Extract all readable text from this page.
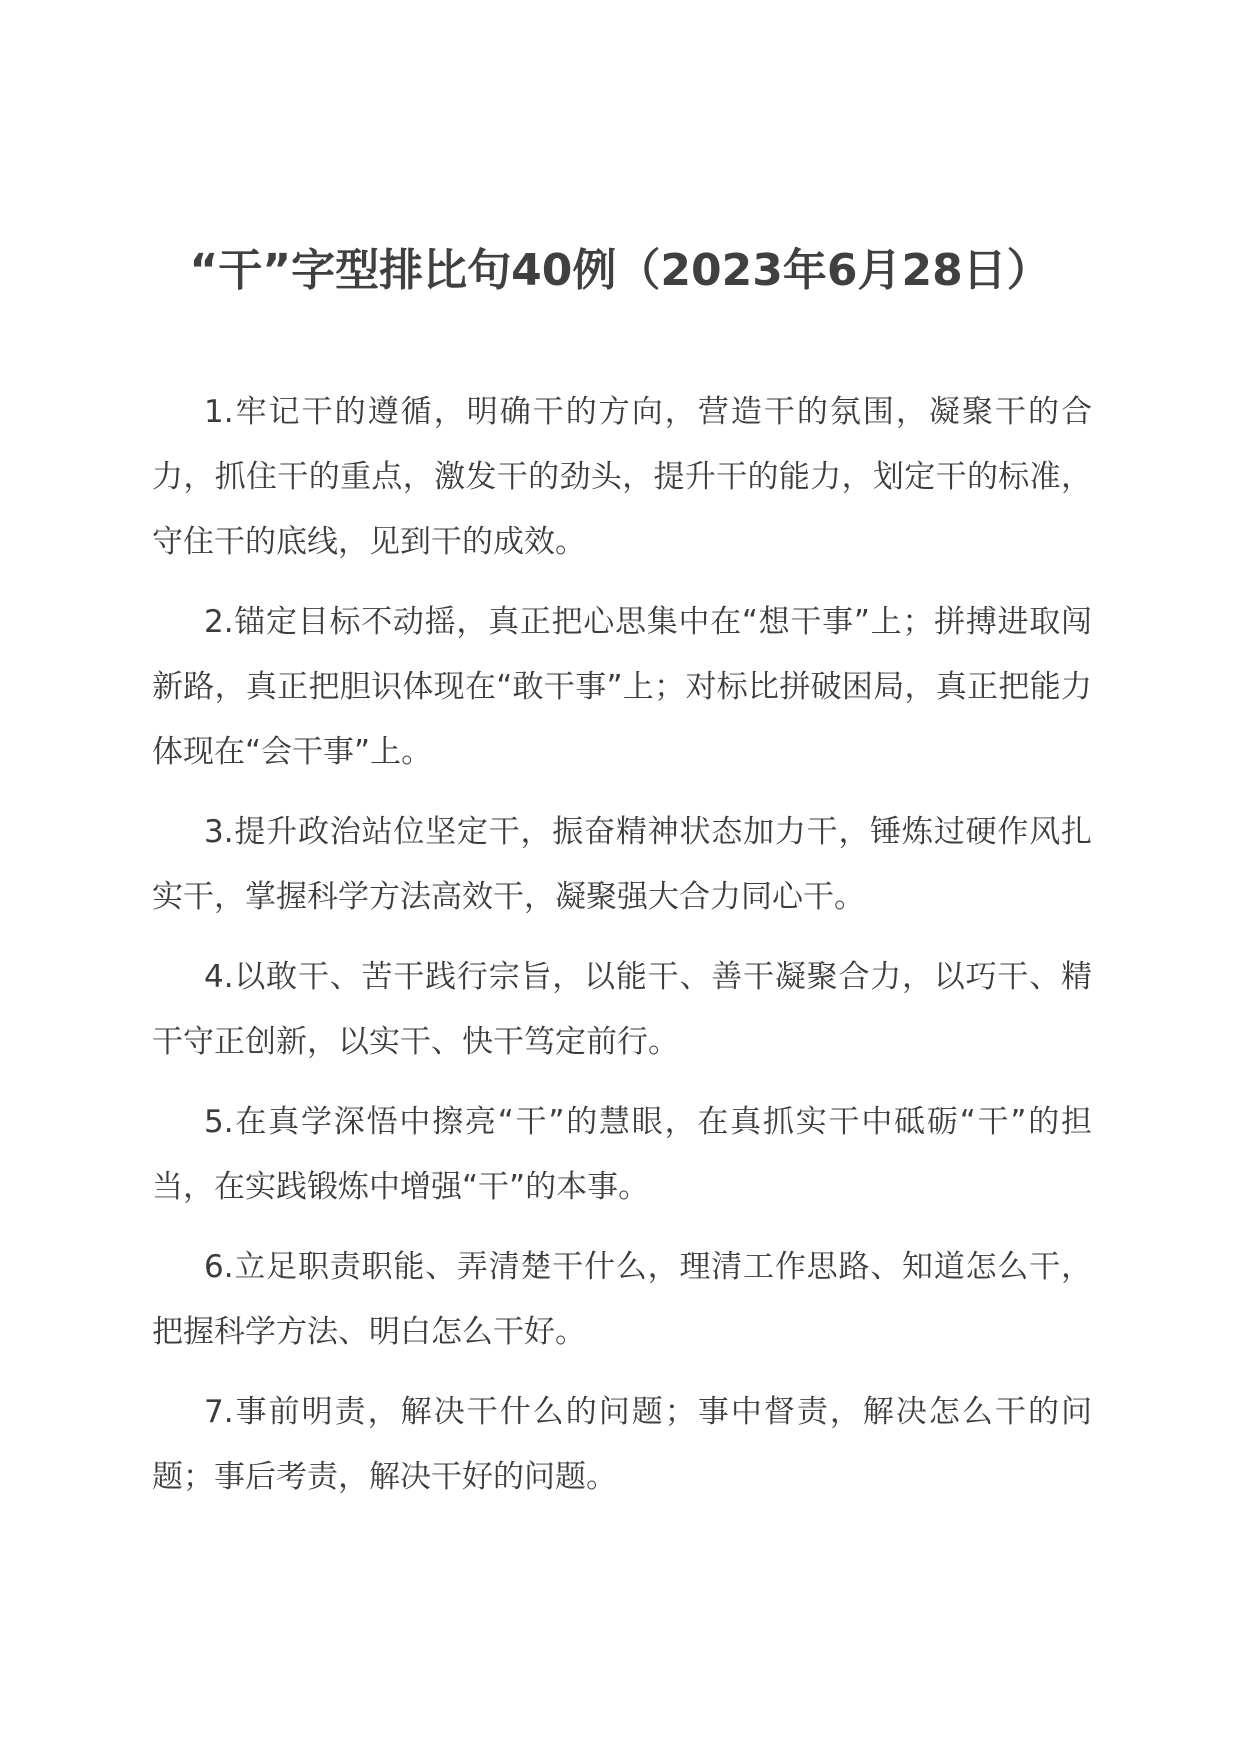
“干”字型排比句40例（2023年6月28日）

1.牢记干的遵循，明确干的方向，营造干的氛围，凝聚干的合力，抓住干的重点，激发干的劲头，提升干的能力，划定干的标准，守住干的底线，见到干的成效。

2.锚定目标不动摇，真正把心思集中在“想干事”上；拼搏进取闯新路，真正把胆识体现在“敢干事”上；对标比拼破困局，真正把能力体现在“会干事”上。

3.提升政治站位坚定干，振奋精神状态加力干，锤炼过硬作风扎实干，掌握科学方法高效干，凝聚强大合力同心干。

4.以敢干、苦干践行宗旨，以能干、善干凝聚合力，以巧干、精干守正创新，以实干、快干笃定前行。

5.在真学深悟中擦亮“干”的慧眼，在真抓实干中砥砺“干”的担当，在实践锻炼中增强“干”的本事。

6.立足职责职能、弄清楚干什么，理清工作思路、知道怎么干，把握科学方法、明白怎么干好。

7.事前明责，解决干什么的问题；事中督责，解决怎么干的问题；事后考责，解决干好的问题。
